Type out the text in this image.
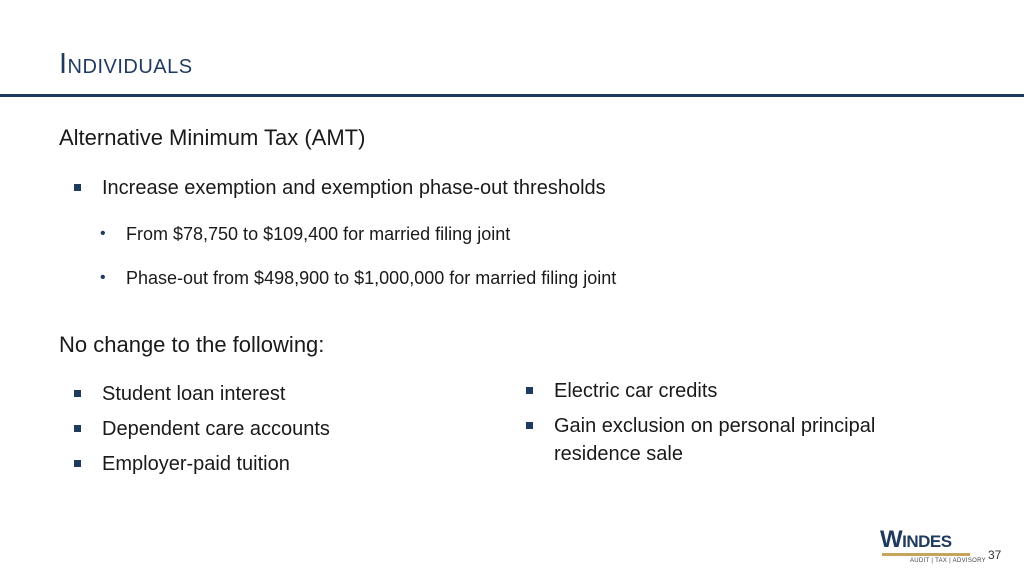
Individuals
Alternative Minimum Tax (AMT)
Increase exemption and exemption phase-out thresholds
• From $78,750 to $109,400 for married filing joint
• Phase-out from $498,900 to $1,000,000 for married filing joint
No change to the following:
Student loan interest
Dependent care accounts
Employer-paid tuition
Electric car credits
Gain exclusion on personal principal
residence sale
Windes
AUDIT | TAX | ADVISORY 37
